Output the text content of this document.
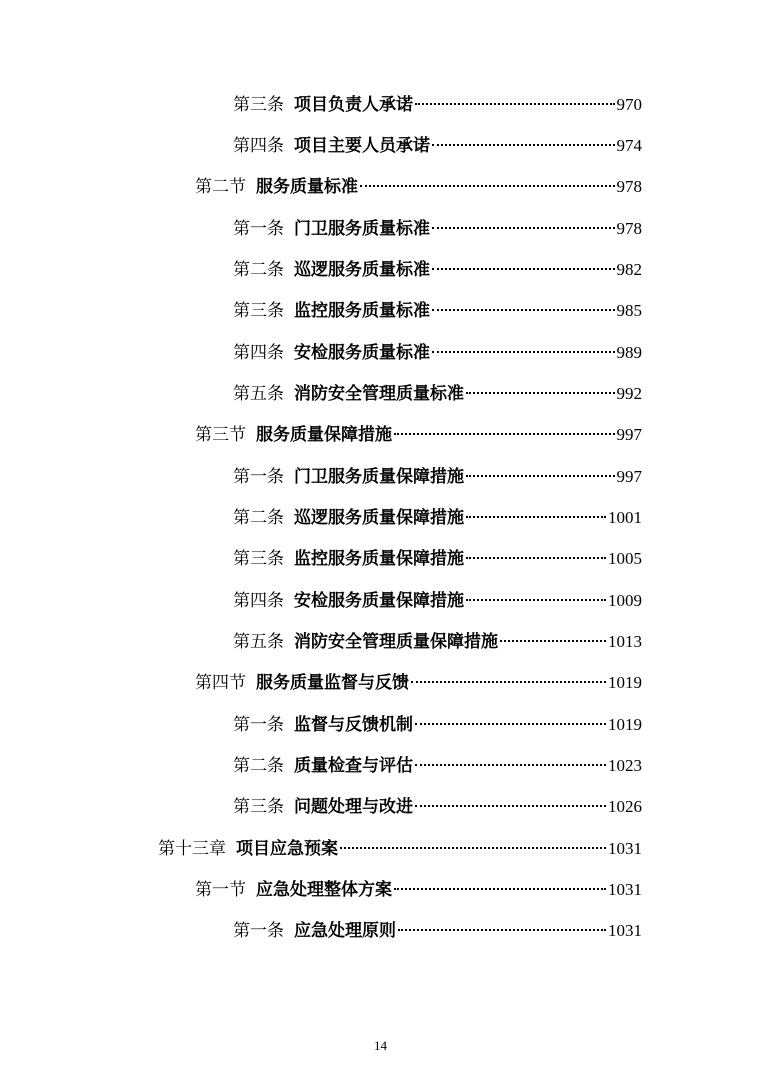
第三条 项目负责人承诺	970
第四条 项目主要人员承诺	974
第二节 服务质量标准	978
第一条 门卫服务质量标准	978
第二条 巡逻服务质量标准	982
第三条 监控服务质量标准	985
第四条 安检服务质量标准	989
第五条 消防安全管理质量标准	992
第三节 服务质量保障措施	997
第一条 门卫服务质量保障措施	997
第二条 巡逻服务质量保障措施	1001
第三条 监控服务质量保障措施	1005
第四条 安检服务质量保障措施	1009
第五条 消防安全管理质量保障措施	1013
第四节 服务质量监督与反馈	1019
第一条 监督与反馈机制	1019
第二条 质量检查与评估	1023
第三条 问题处理与改进	1026
第十三章 项目应急预案	1031
第一节 应急处理整体方案	1031
第一条 应急处理原则	1031
14
